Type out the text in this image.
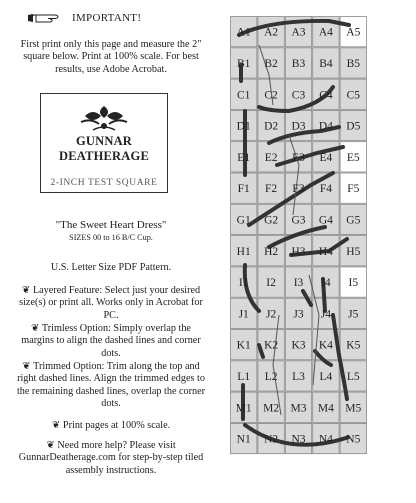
IMPORTANT!
First print only this page and measure the 2" square below. Print at 100% scale. For best results, use Adobe Acrobat.
GUNNAR DEATHERAGE
2-INCH TEST SQUARE
"The Sweet Heart Dress"
SIZES 00 to 16 B/C Cup.
U.S. Letter Size PDF Pattern.
❦ Layered Feature: Select just your desired size(s) or print all. Works only in Acrobat for PC.
❦ Trimless Option: Simply overlap the margins to align the dashed lines and corner dots.
❦ Trimmed Option: Trim along the top and right dashed lines. Align the trimmed edges to the remaining dashed lines, overlap the corner dots.
❦ Print pages at 100% scale.
❦ Need more help? Please visit GunnarDeatherage.com for step-by-step tiled assembly instructions.
A1 A2 A3 A4 A5
B1 B2 B3 B4 B5
C1 C2 C3 C4 C5
D1 D2 D3 D4 D5
E1 E2 E3 E4 E5
F1 F2 F3 F4 F5
G1 G2 G3 G4 G5
H1 H2 H3 H4 H5
I1 I2 I3 I4 I5
J1 J2 J3 J4 J5
K1 K2 K3 K4 K5
L1 L2 L3 L4 L5
M1 M2 M3 M4 M5
N1 N2 N3 N4 N5
